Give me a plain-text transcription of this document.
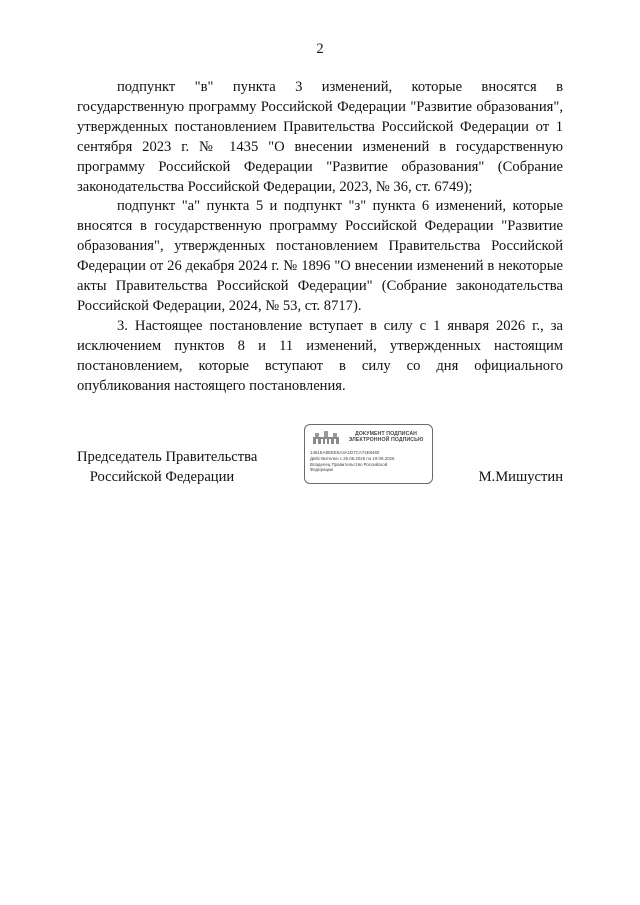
2

подпункт "в" пункта 3 изменений, которые вносятся в государственную программу Российской Федерации "Развитие образования", утвержденных постановлением Правительства Российской Федерации от 1 сентября 2023 г. № 1435 "О внесении изменений в государственную программу Российской Федерации "Развитие образования" (Собрание законодательства Российской Федерации, 2023, № 36, ст. 6749);

подпункт "а" пункта 5 и подпункт "з" пункта 6 изменений, которые вносятся в государственную программу Российской Федерации "Развитие образования", утвержденных постановлением Правительства Российской Федерации от 26 декабря 2024 г. № 1896 "О внесении изменений в некоторые акты Правительства Российской Федерации" (Собрание законодательства Российской Федерации, 2024, № 53, ст. 8717).

3. Настоящее постановление вступает в силу с 1 января 2026 г., за исключением пунктов 8 и 11 изменений, утвержденных настоящим постановлением, которые вступают в силу со дня официального опубликования настоящего постановления.

Председатель Правительства
Российской Федерации
ДОКУМЕНТ ПОДПИСАН
ЭЛЕКТРОННОЙ ПОДПИСЬЮ
1461EA8EEE5A3A1D7CA74E8460
Действителен с 26.06.2025 по 19.09.2026
Владелец Правительство Российской
Федерации	М.Мишустин
